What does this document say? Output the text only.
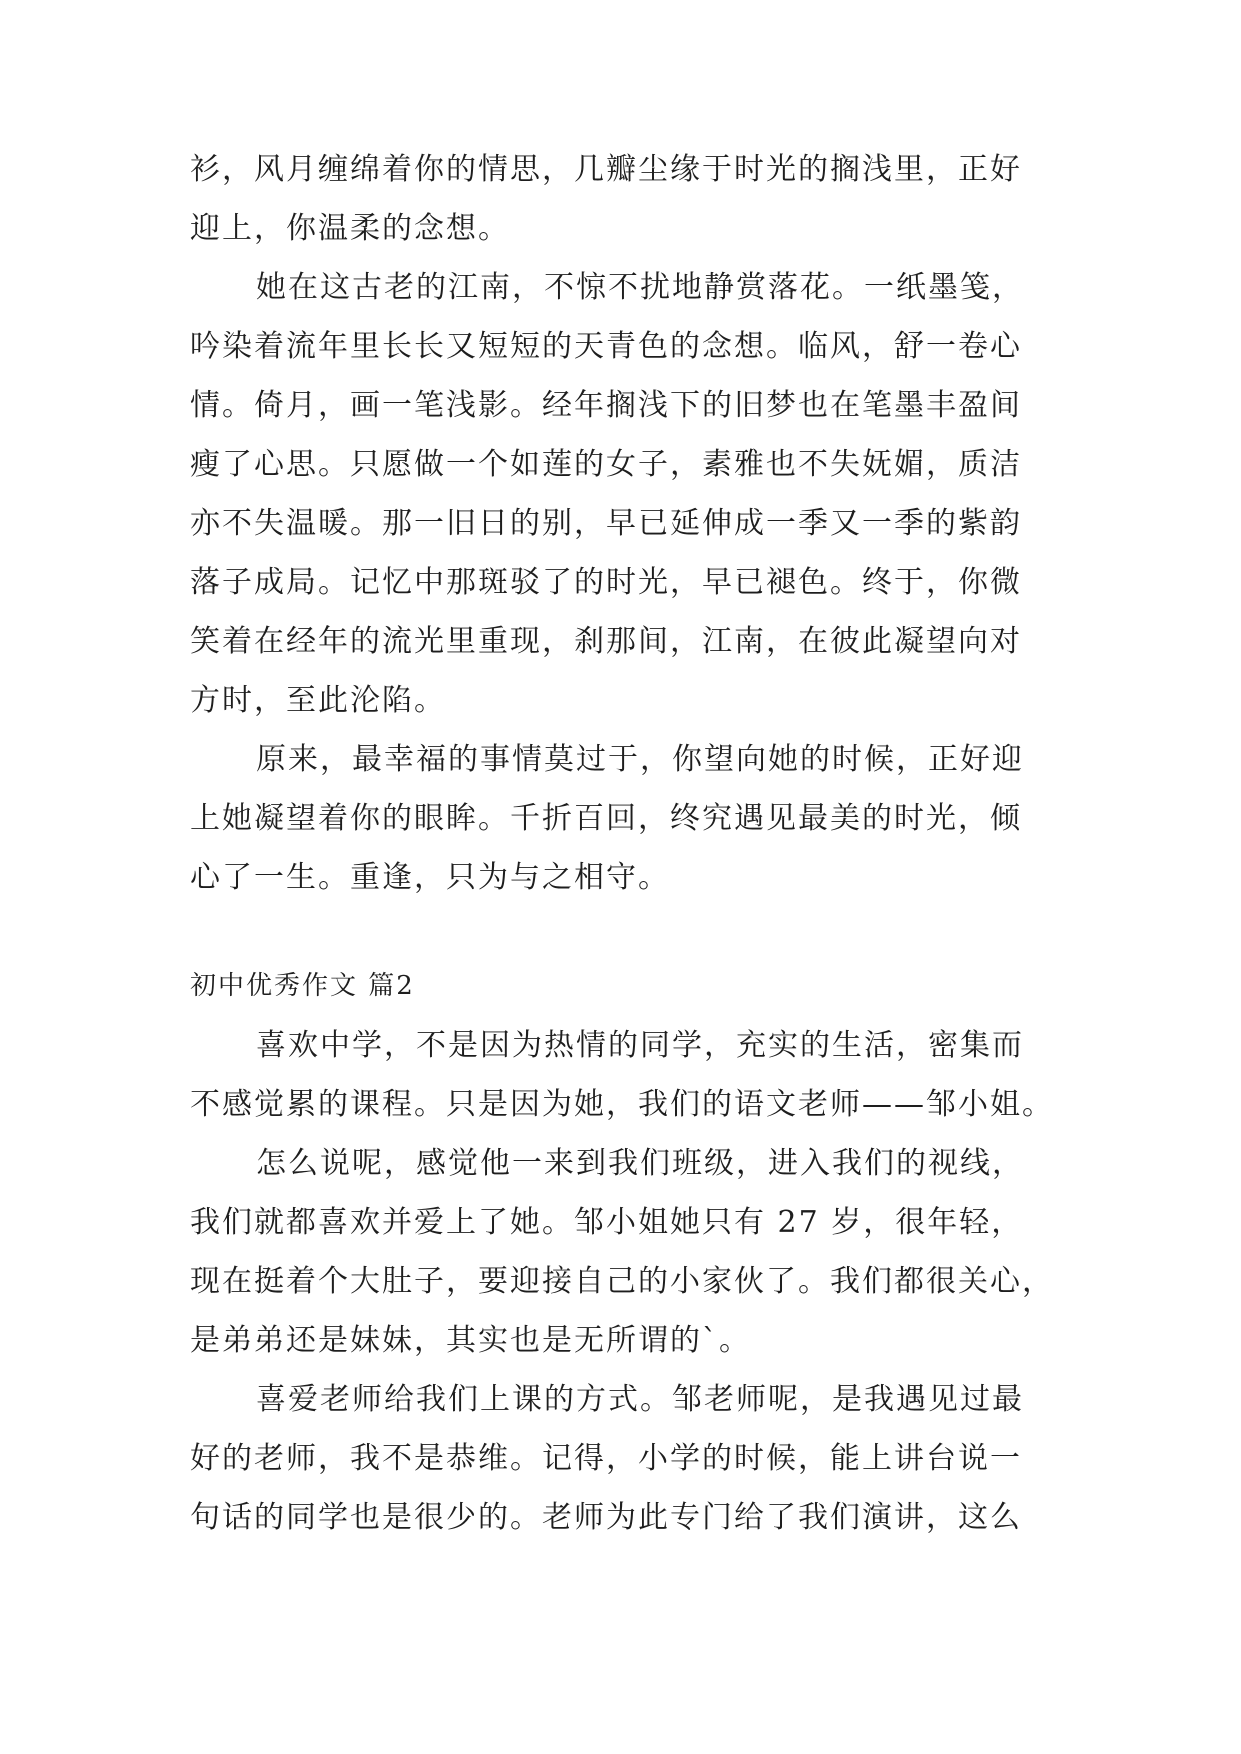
衫，风月缠绵着你的情思，几瓣尘缘于时光的搁浅里，正好
迎上，你温柔的念想。
她在这古老的江南，不惊不扰地静赏落花。一纸墨笺，
吟染着流年里长长又短短的天青色的念想。临风，舒一卷心
情。倚月，画一笔浅影。经年搁浅下的旧梦也在笔墨丰盈间
瘦了心思。只愿做一个如莲的女子，素雅也不失妩媚，质洁
亦不失温暖。那一旧日的别，早已延伸成一季又一季的紫韵
落子成局。记忆中那斑驳了的时光，早已褪色。终于，你微
笑着在经年的流光里重现，刹那间，江南，在彼此凝望向对
方时，至此沦陷。
原来，最幸福的事情莫过于，你望向她的时候，正好迎
上她凝望着你的眼眸。千折百回，终究遇见最美的时光，倾
心了一生。重逢，只为与之相守。
初中优秀作文 篇2
喜欢中学，不是因为热情的同学，充实的生活，密集而
不感觉累的课程。只是因为她，我们的语文老师——邹小姐。
怎么说呢，感觉他一来到我们班级，进入我们的视线，
我们就都喜欢并爱上了她。邹小姐她只有 27 岁，很年轻，
现在挺着个大肚子，要迎接自己的小家伙了。我们都很关心，
是弟弟还是妹妹，其实也是无所谓的`。
喜爱老师给我们上课的方式。邹老师呢，是我遇见过最
好的老师，我不是恭维。记得，小学的时候，能上讲台说一
句话的同学也是很少的。老师为此专门给了我们演讲，这么
